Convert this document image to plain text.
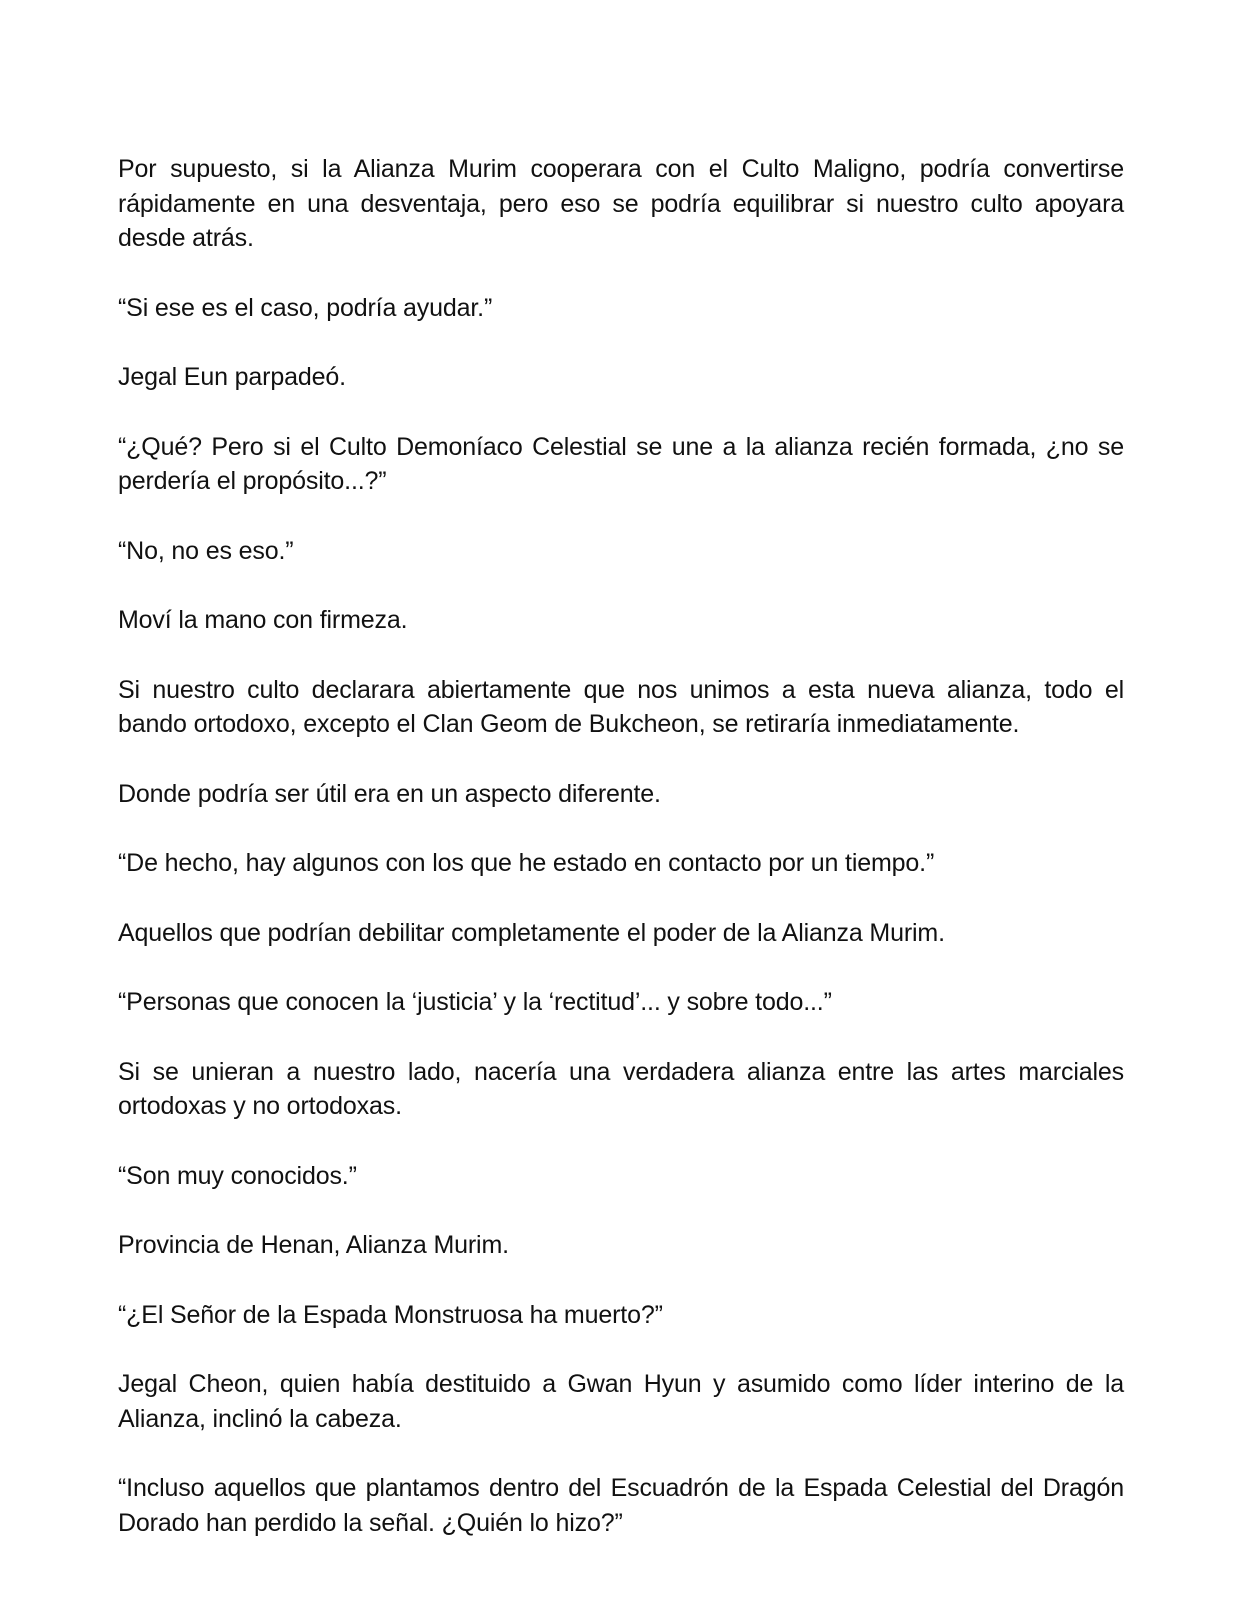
Por supuesto, si la Alianza Murim cooperara con el Culto Maligno, podría convertirse rápidamente en una desventaja, pero eso se podría equilibrar si nuestro culto apoyara desde atrás.

“Si ese es el caso, podría ayudar.”

Jegal Eun parpadeó.

“¿Qué? Pero si el Culto Demoníaco Celestial se une a la alianza recién formada, ¿no se perdería el propósito...?”

“No, no es eso.”

Moví la mano con firmeza.

Si nuestro culto declarara abiertamente que nos unimos a esta nueva alianza, todo el bando ortodoxo, excepto el Clan Geom de Bukcheon, se retiraría inmediatamente.

Donde podría ser útil era en un aspecto diferente.

“De hecho, hay algunos con los que he estado en contacto por un tiempo.”

Aquellos que podrían debilitar completamente el poder de la Alianza Murim.

“Personas que conocen la ‘justicia’ y la ‘rectitud’... y sobre todo...”

Si se unieran a nuestro lado, nacería una verdadera alianza entre las artes marciales ortodoxas y no ortodoxas.

“Son muy conocidos.”

Provincia de Henan, Alianza Murim.

“¿El Señor de la Espada Monstruosa ha muerto?”

Jegal Cheon, quien había destituido a Gwan Hyun y asumido como líder interino de la Alianza, inclinó la cabeza.

“Incluso aquellos que plantamos dentro del Escuadrón de la Espada Celestial del Dragón Dorado han perdido la señal. ¿Quién lo hizo?”
